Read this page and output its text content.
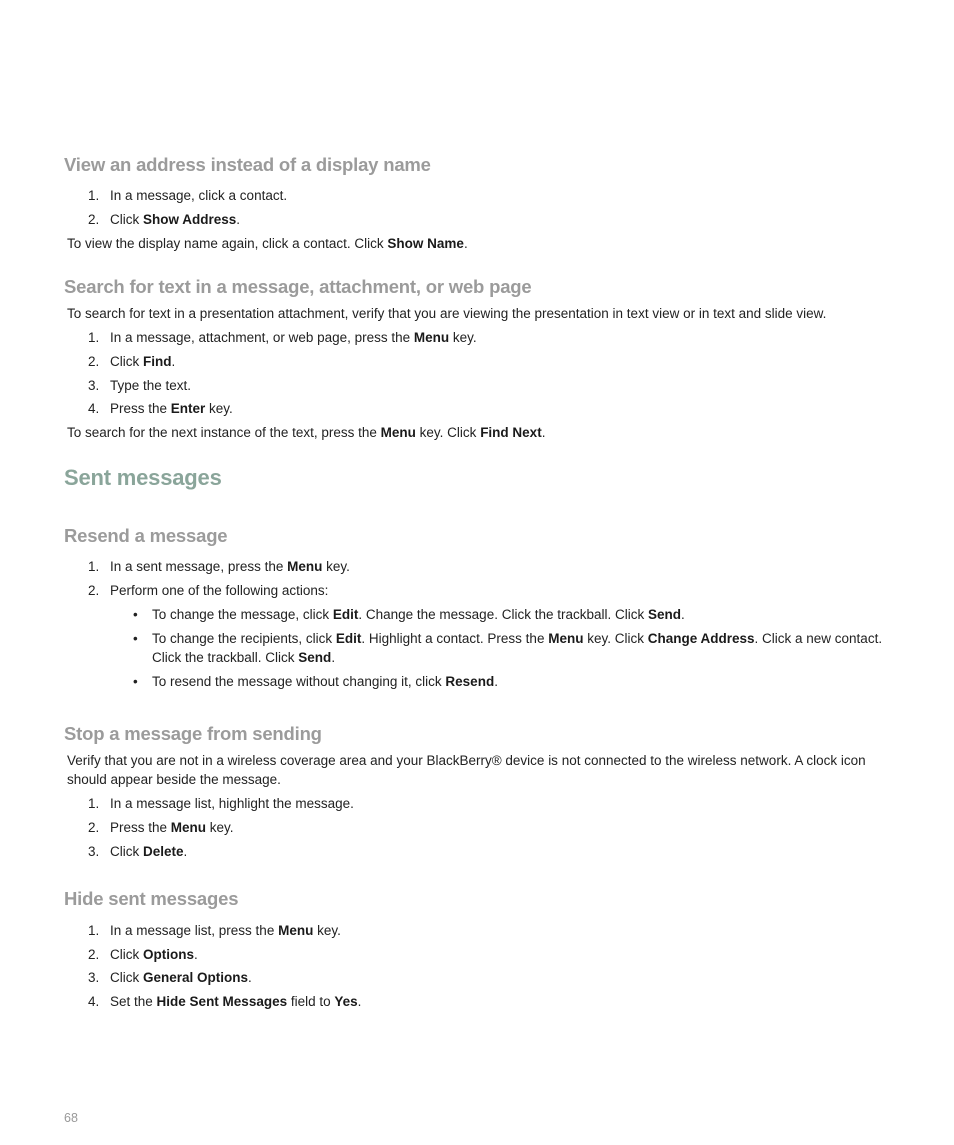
View an address instead of a display name

1. In a message, click a contact.

2. Click Show Address.

To view the display name again, click a contact. Click Show Name.

Search for text in a message, attachment, or web page

To search for text in a presentation attachment, verify that you are viewing the presentation in text view or in text and slide view.

1. In a message, attachment, or web page, press the Menu key.

2. Click Find.

3. Type the text.

4. Press the Enter key.

To search for the next instance of the text, press the Menu key. Click Find Next.

Sent messages
Resend a message

1. In a sent message, press the Menu key.

2. Perform one of the following actions:

•	To change the message, click Edit. Change the message. Click the trackball. Click Send.
•	To change the recipients, click Edit. Highlight a contact. Press the Menu key. Click Change Address. Click a new contact. Click the trackball. Click Send.
•	To resend the message without changing it, click Resend.
Stop a message from sending

Verify that you are not in a wireless coverage area and your BlackBerry® device is not connected to the wireless network. A clock icon should appear beside the message.

1. In a message list, highlight the message.

2. Press the Menu key.

3. Click Delete.

Hide sent messages

1. In a message list, press the Menu key.

2. Click Options.

3. Click General Options.

4. Set the Hide Sent Messages field to Yes.

68
